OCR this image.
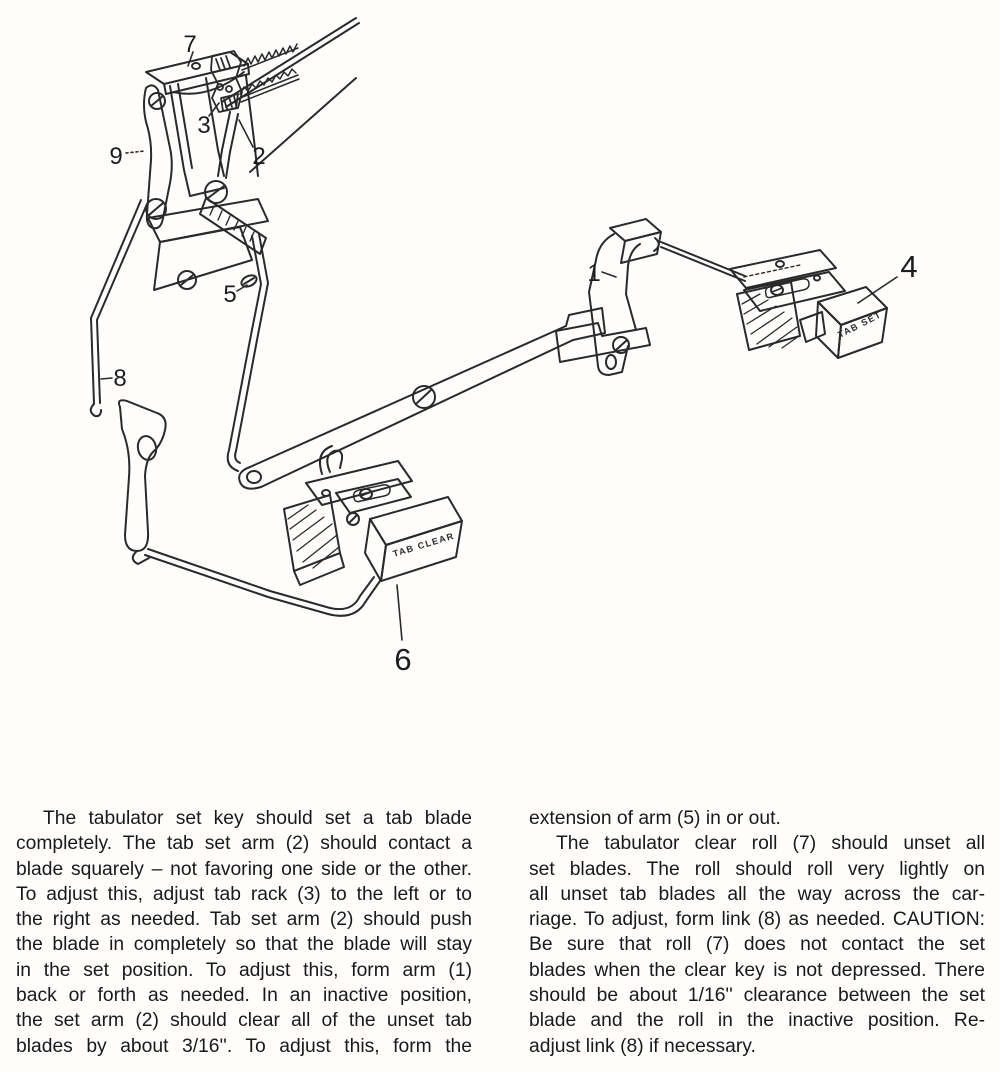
7
3
9	2
5
8
1	4
6
TAB SET
TAB CLEAR
The tabulator set key should set a tab blade
completely. The tab set arm (2) should contact a
blade squarely – not favoring one side or the other.
To adjust this, adjust tab rack (3) to the left or to
the right as needed. Tab set arm (2) should push
the blade in completely so that the blade will stay
in the set position. To adjust this, form arm (1)
back or forth as needed. In an inactive position,
the set arm (2) should clear all of the unset tab
blades by about 3/16''. To adjust this, form the
extension of arm (5) in or out.
The tabulator clear roll (7) should unset all
set blades. The roll should roll very lightly on
all unset tab blades all the way across the car-
riage. To adjust, form link (8) as needed. CAUTION:
Be sure that roll (7) does not contact the set
blades when the clear key is not depressed. There
should be about 1/16'' clearance between the set
blade and the roll in the inactive position. Re-
adjust link (8) if necessary.
